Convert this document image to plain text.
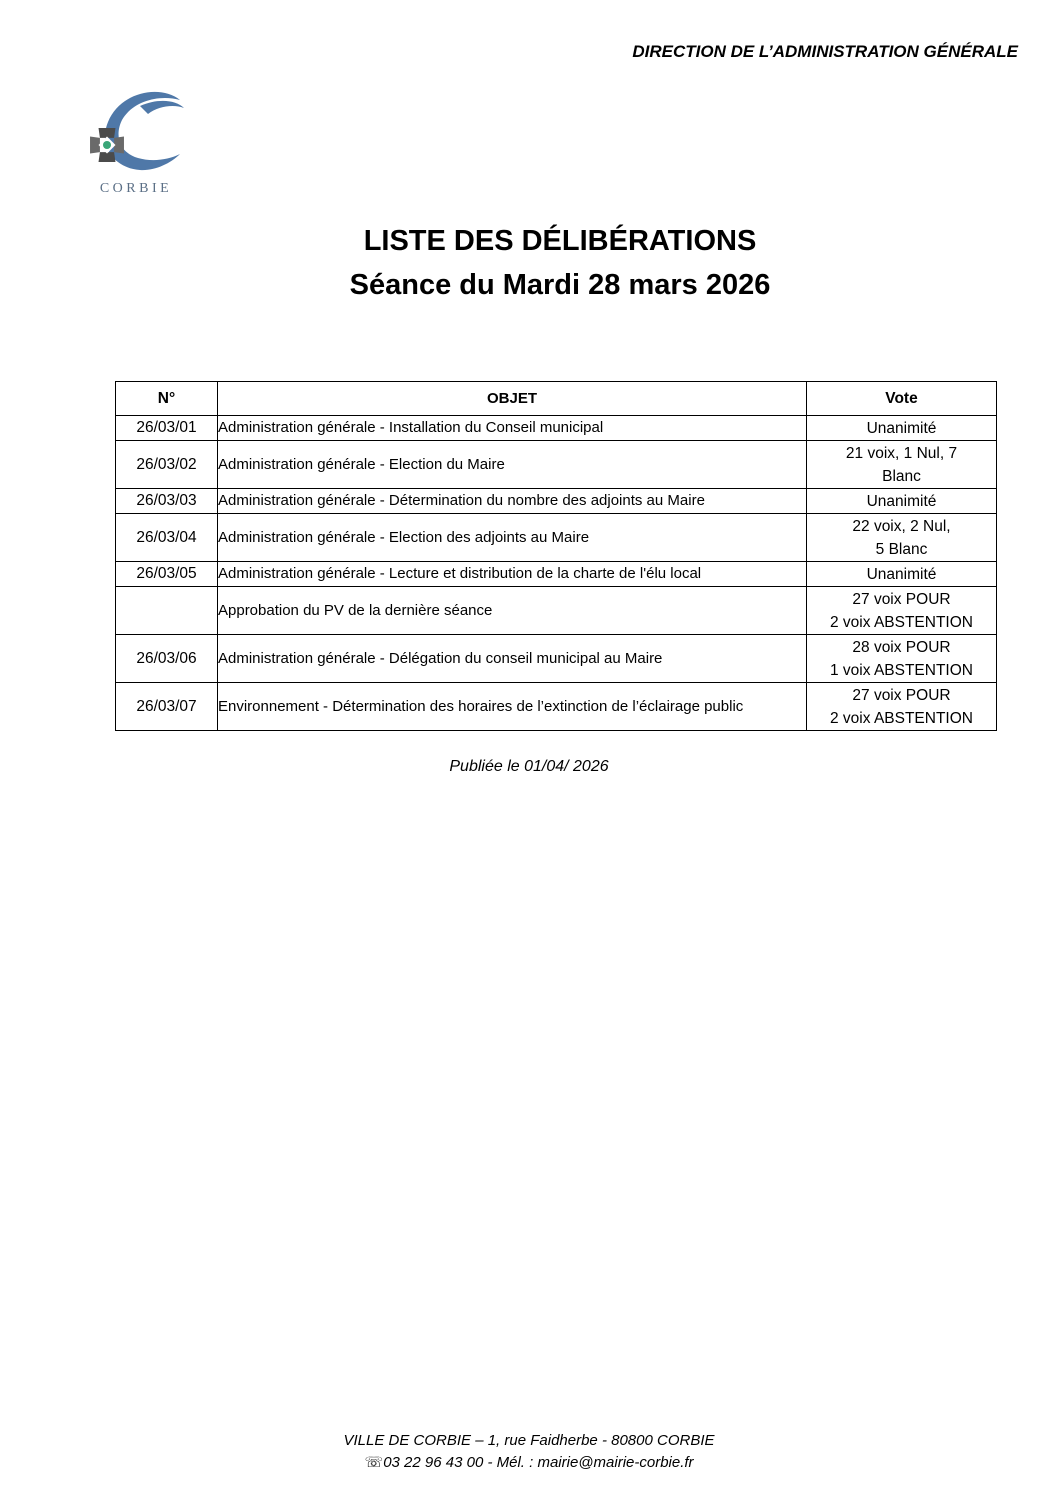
DIRECTION DE L’ADMINISTRATION GÉNÉRALE
CORBIE
LISTE DES DÉLIBÉRATIONS
Séance du Mardi 28 mars 2026
N°	OBJET	Vote
26/03/01	Administration générale - Installation du Conseil municipal	Unanimité
26/03/02	Administration générale - Election du Maire	21 voix, 1 Nul, 7
Blanc
26/03/03	Administration générale - Détermination du nombre des adjoints au Maire	Unanimité
26/03/04	Administration générale - Election des adjoints au Maire	22 voix, 2 Nul,
5 Blanc
26/03/05	Administration générale - Lecture et distribution de la charte de l'élu local	Unanimité
	Approbation du PV de la dernière séance	27 voix POUR
2 voix ABSTENTION
26/03/06	Administration générale - Délégation du conseil municipal au Maire	28 voix POUR
1 voix ABSTENTION
26/03/07	Environnement - Détermination des horaires de l’extinction de l’éclairage public	27 voix POUR
2 voix ABSTENTION
Publiée le 01/04/ 2026
VILLE DE CORBIE – 1, rue Faidherbe - 80800 CORBIE
☏03 22 96 43 00 - Mél. : mairie@mairie-corbie.fr
